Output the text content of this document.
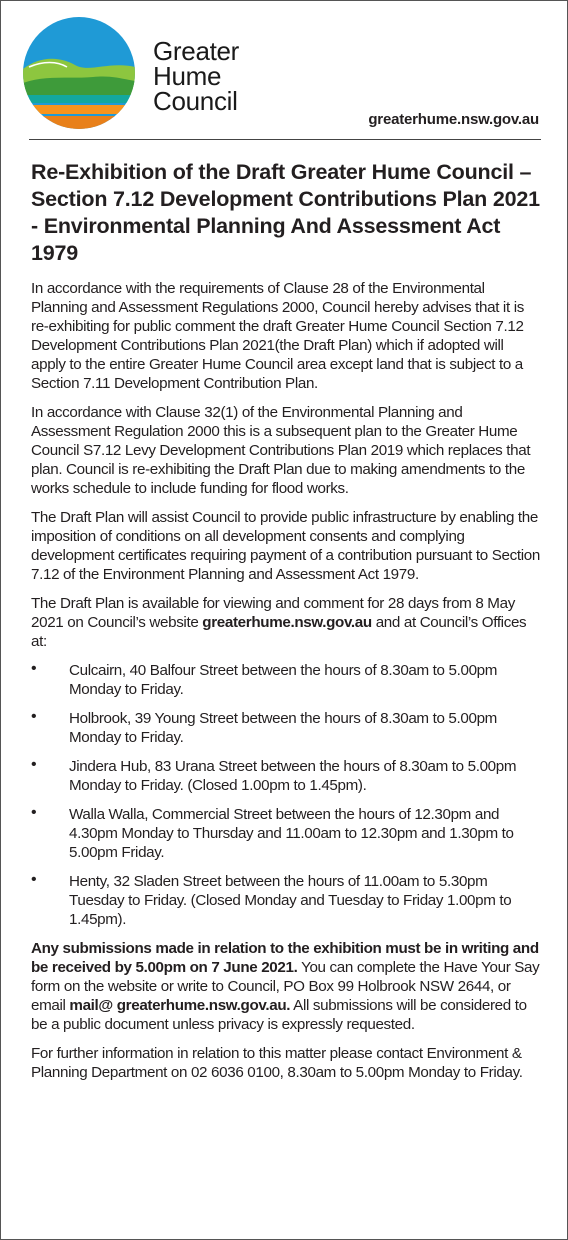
Greater
Hume
Council
greaterhume.nsw.gov.au
Re-Exhibition of the Draft Greater Hume Council – Section 7.12 Development Contributions Plan 2021 - Environmental Planning And Assessment Act 1979

In accordance with the requirements of Clause 28 of the Environmental Planning and Assessment Regulations 2000, Council hereby advises that it is re-exhibiting for public comment the draft Greater Hume Council Section 7.12 Development Contributions Plan 2021(the Draft Plan) which if adopted will apply to the entire Greater Hume Council area except land that is subject to a Section 7.11 Development Contribution Plan.

In accordance with Clause 32(1) of the Environmental Planning and Assessment Regulation 2000 this is a subsequent plan to the Greater Hume Council S7.12 Levy Development Contributions Plan 2019 which replaces that plan. Council is re-exhibiting the Draft Plan due to making amendments to the works schedule to include funding for flood works.

The Draft Plan will assist Council to provide public infrastructure by enabling the imposition of conditions on all development consents and complying development certificates requiring payment of a contribution pursuant to Section 7.12 of the Environment Planning and Assessment Act 1979.

The Draft Plan is available for viewing and comment for 28 days from 8 May 2021 on Council’s website greaterhume.nsw.gov.au and at Council’s Offices at:

• Culcairn, 40 Balfour Street between the hours of 8.30am to 5.00pm Monday to Friday.
• Holbrook, 39 Young Street between the hours of 8.30am to 5.00pm Monday to Friday.
• Jindera Hub, 83 Urana Street between the hours of 8.30am to 5.00pm Monday to Friday. (Closed 1.00pm to 1.45pm).
• Walla Walla, Commercial Street between the hours of 12.30pm and 4.30pm Monday to Thursday and 11.00am to 12.30pm and 1.30pm to 5.00pm Friday.
• Henty, 32 Sladen Street between the hours of 11.00am to 5.30pm Tuesday to Friday. (Closed Monday and Tuesday to Friday 1.00pm to 1.45pm).

Any submissions made in relation to the exhibition must be in writing and be received by 5.00pm on 7 June 2021. You can complete the Have Your Say form on the website or write to Council, PO Box 99 Holbrook NSW 2644, or email mail@ greaterhume.nsw.gov.au. All submissions will be considered to be a public document unless privacy is expressly requested.

For further information in relation to this matter please contact Environment & Planning Department on 02 6036 0100, 8.30am to 5.00pm Monday to Friday.
